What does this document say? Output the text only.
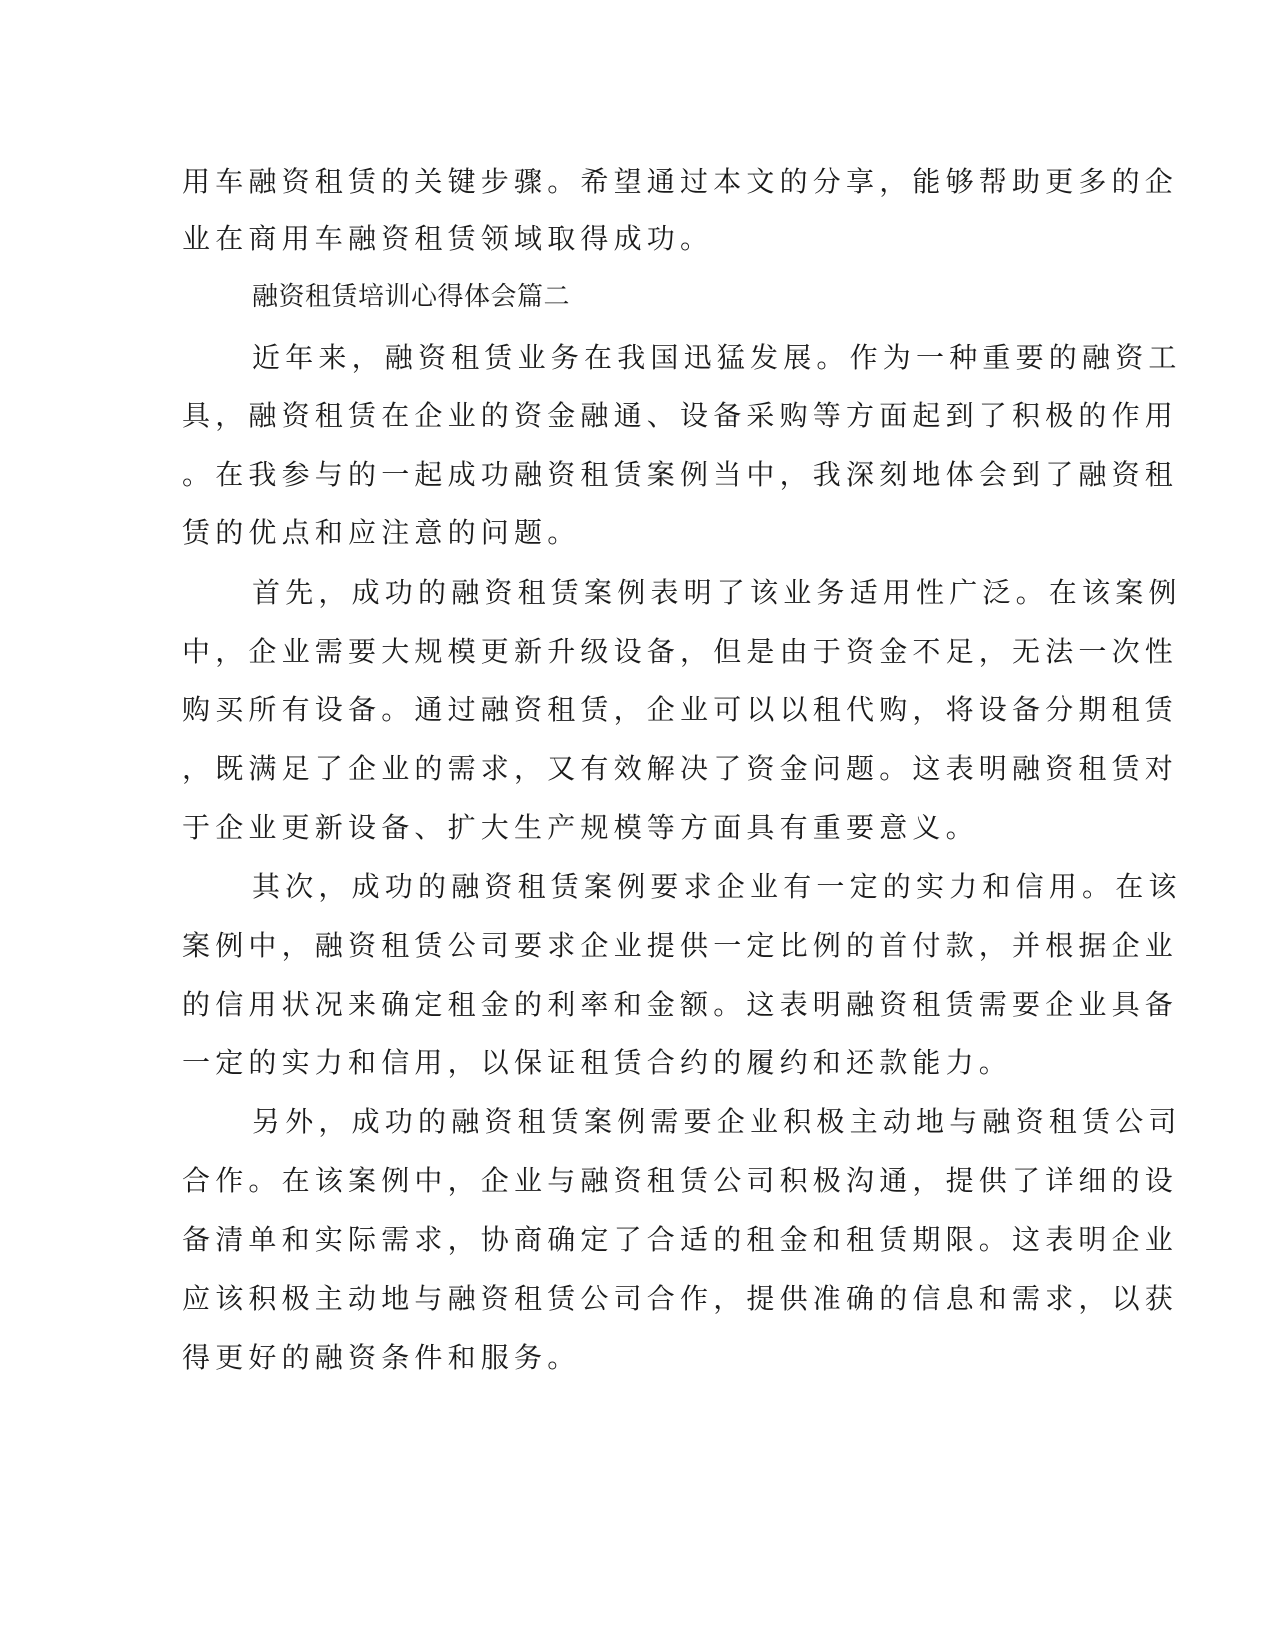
用车融资租赁的关键步骤。希望通过本文的分享，能够帮助更多的企
业在商用车融资租赁领域取得成功。
融资租赁培训心得体会篇二
近年来，融资租赁业务在我国迅猛发展。作为一种重要的融资工
具，融资租赁在企业的资金融通、设备采购等方面起到了积极的作用
。在我参与的一起成功融资租赁案例当中，我深刻地体会到了融资租
赁的优点和应注意的问题。
首先，成功的融资租赁案例表明了该业务适用性广泛。在该案例
中，企业需要大规模更新升级设备，但是由于资金不足，无法一次性
购买所有设备。通过融资租赁，企业可以以租代购，将设备分期租赁
，既满足了企业的需求，又有效解决了资金问题。这表明融资租赁对
于企业更新设备、扩大生产规模等方面具有重要意义。
其次，成功的融资租赁案例要求企业有一定的实力和信用。在该
案例中，融资租赁公司要求企业提供一定比例的首付款，并根据企业
的信用状况来确定租金的利率和金额。这表明融资租赁需要企业具备
一定的实力和信用，以保证租赁合约的履约和还款能力。
另外，成功的融资租赁案例需要企业积极主动地与融资租赁公司
合作。在该案例中，企业与融资租赁公司积极沟通，提供了详细的设
备清单和实际需求，协商确定了合适的租金和租赁期限。这表明企业
应该积极主动地与融资租赁公司合作，提供准确的信息和需求，以获
得更好的融资条件和服务。
